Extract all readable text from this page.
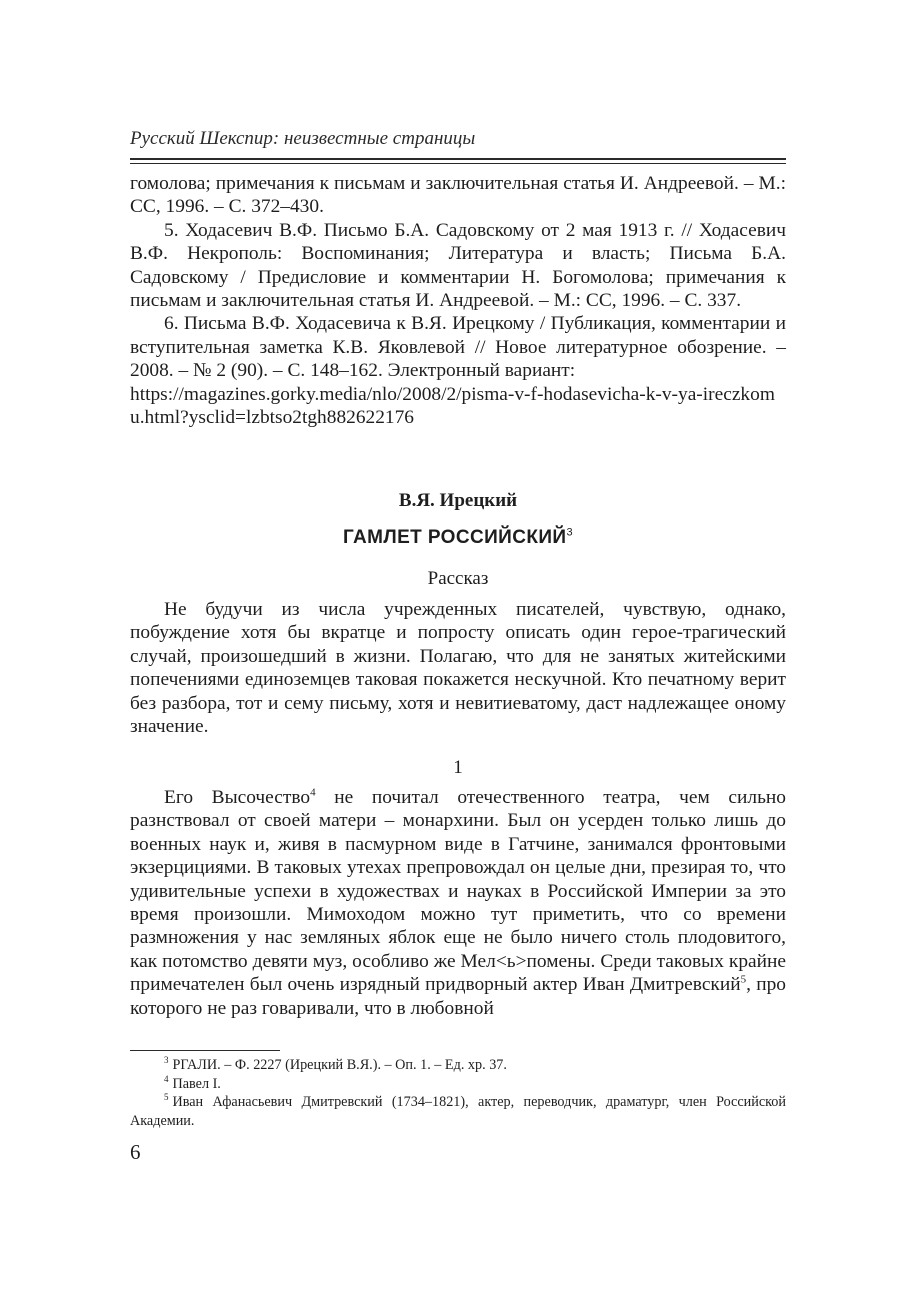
Русский Шекспир: неизвестные страницы

гомолова; примечания к письмам и заключительная статья И. Андреевой. – М.: СС, 1996. – С. 372–430.

5. Ходасевич В.Ф. Письмо Б.А. Садовскому от 2 мая 1913 г. // Ходасевич В.Ф. Некрополь: Воспоминания; Литература и власть; Письма Б.А. Садовскому / Предисловие и комментарии Н. Богомолова; примечания к письмам и заключительная статья И. Андреевой. – М.: СС, 1996. – С. 337.

6. Письма В.Ф. Ходасевича к В.Я. Ирецкому / Публикация, комментарии и вступительная заметка К.В. Яковлевой // Новое литературное обозрение. – 2008. – № 2 (90). – С. 148–162. Электронный вариант:

https://magazines.gorky.media/nlo/2008/2/pisma-v-f-hodasevicha-k-v-ya-ireczkomu.html?ysclid=lzbtso2tgh882622176

В.Я. Ирецкий
ГАМЛЕТ РОССИЙСКИЙ$^3$
Рассказ

Не будучи из числа учрежденных писателей, чувствую, однако, побуждение хотя бы вкратце и попросту описать один герое-трагический случай, произошедший в жизни. Полагаю, что для не занятых житейскими попечениями единоземцев таковая покажется нескучной. Кто печатному верит без разбора, тот и сему письму, хотя и невитиеватому, даст надлежащее оному значение.

1

Его Высочество$^4$ не почитал отечественного театра, чем сильно разнствовал от своей матери – монархини. Был он усерден только лишь до военных наук и, живя в пасмурном виде в Гатчине, занимался фронтовыми экзерцициями. В таковых утехах препровождал он целые дни, презирая то, что удивительные успехи в художествах и науках в Российской Империи за это время произошли. Мимоходом можно тут приметить, что со времени размножения у нас земляных яблок еще не было ничего столь плодовитого, как потомство девяти муз, особливо же Мел<ь>помены. Среди таковых крайне примечателен был очень изрядный придворный актер Иван Дмитревский$^5$, про которого не раз говаривали, что в любовной

$^3$ РГАЛИ. – Ф. 2227 (Ирецкий В.Я.). – Оп. 1. – Ед. хр. 37.

$^4$ Павел I.

$^5$ Иван Афанасьевич Дмитревский (1734–1821), актер, переводчик, драматург, член Российской Академии.

6
